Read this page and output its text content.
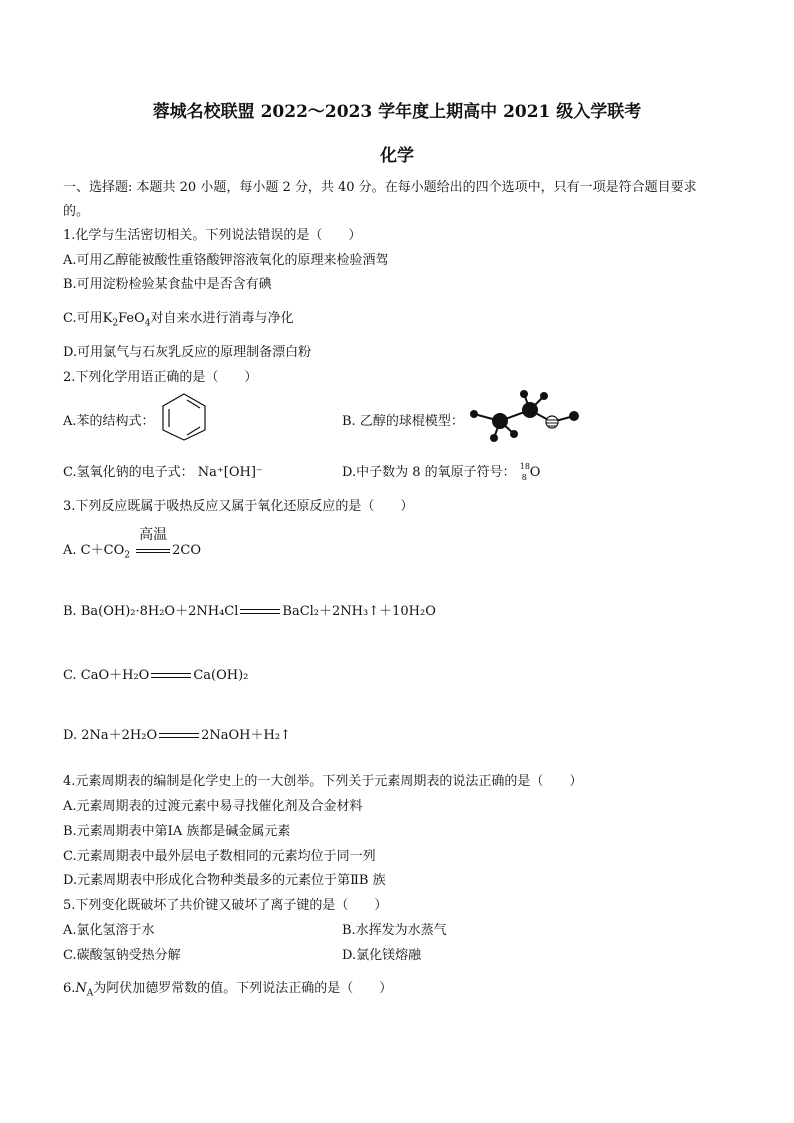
蓉城名校联盟 2022～2023 学年度上期高中 2021 级入学联考
化学
一、选择题: 本题共 20 小题，每小题 2 分，共 40 分。在每小题给出的四个选项中，只有一项是符合题目要求
的。
1.化学与生活密切相关。下列说法错误的是（　　）
A.可用乙醇能被酸性重铬酸钾溶液氧化的原理来检验酒驾
B.可用淀粉检验某食盐中是否含有碘
C.可用$K_2FeO_4$对自来水进行消毒与净化
D.可用氯气与石灰乳反应的原理制备漂白粉
2.下列化学用语正确的是（　　）
A.苯的结构式：	B. 乙醇的球棍模型：
C.氢氧化钠的电子式： Na⁺[OH]⁻	D.中子数为 8 的氧原子符号： 18
8 O
3.下列反应既属于吸热反应又属于氧化还原反应的是（　　）
A. $C+CO_2$
高温
2CO
B. Ba(OH)₂·8H₂O＋2NH₄Cl	BaCl₂＋2NH₃↑＋10H₂O
C. CaO＋H₂O	Ca(OH)₂
D. 2Na＋2H₂O	2NaOH＋H₂↑
4.元素周期表的编制是化学史上的一大创举。下列关于元素周期表的说法正确的是（　　）
A.元素周期表的过渡元素中易寻找催化剂及合金材料
B.元素周期表中第ⅠA 族都是碱金属元素
C.元素周期表中最外层电子数相同的元素均位于同一列
D.元素周期表中形成化合物种类最多的元素位于第ⅡB 族
5.下列变化既破坏了共价键又破坏了离子键的是（　　）
A.氯化氢溶于水	B.水挥发为水蒸气
C.碳酸氢钠受热分解	D.氯化镁熔融
$6.N_A$为阿伏加德罗常数的值。下列说法正确的是（　　）
